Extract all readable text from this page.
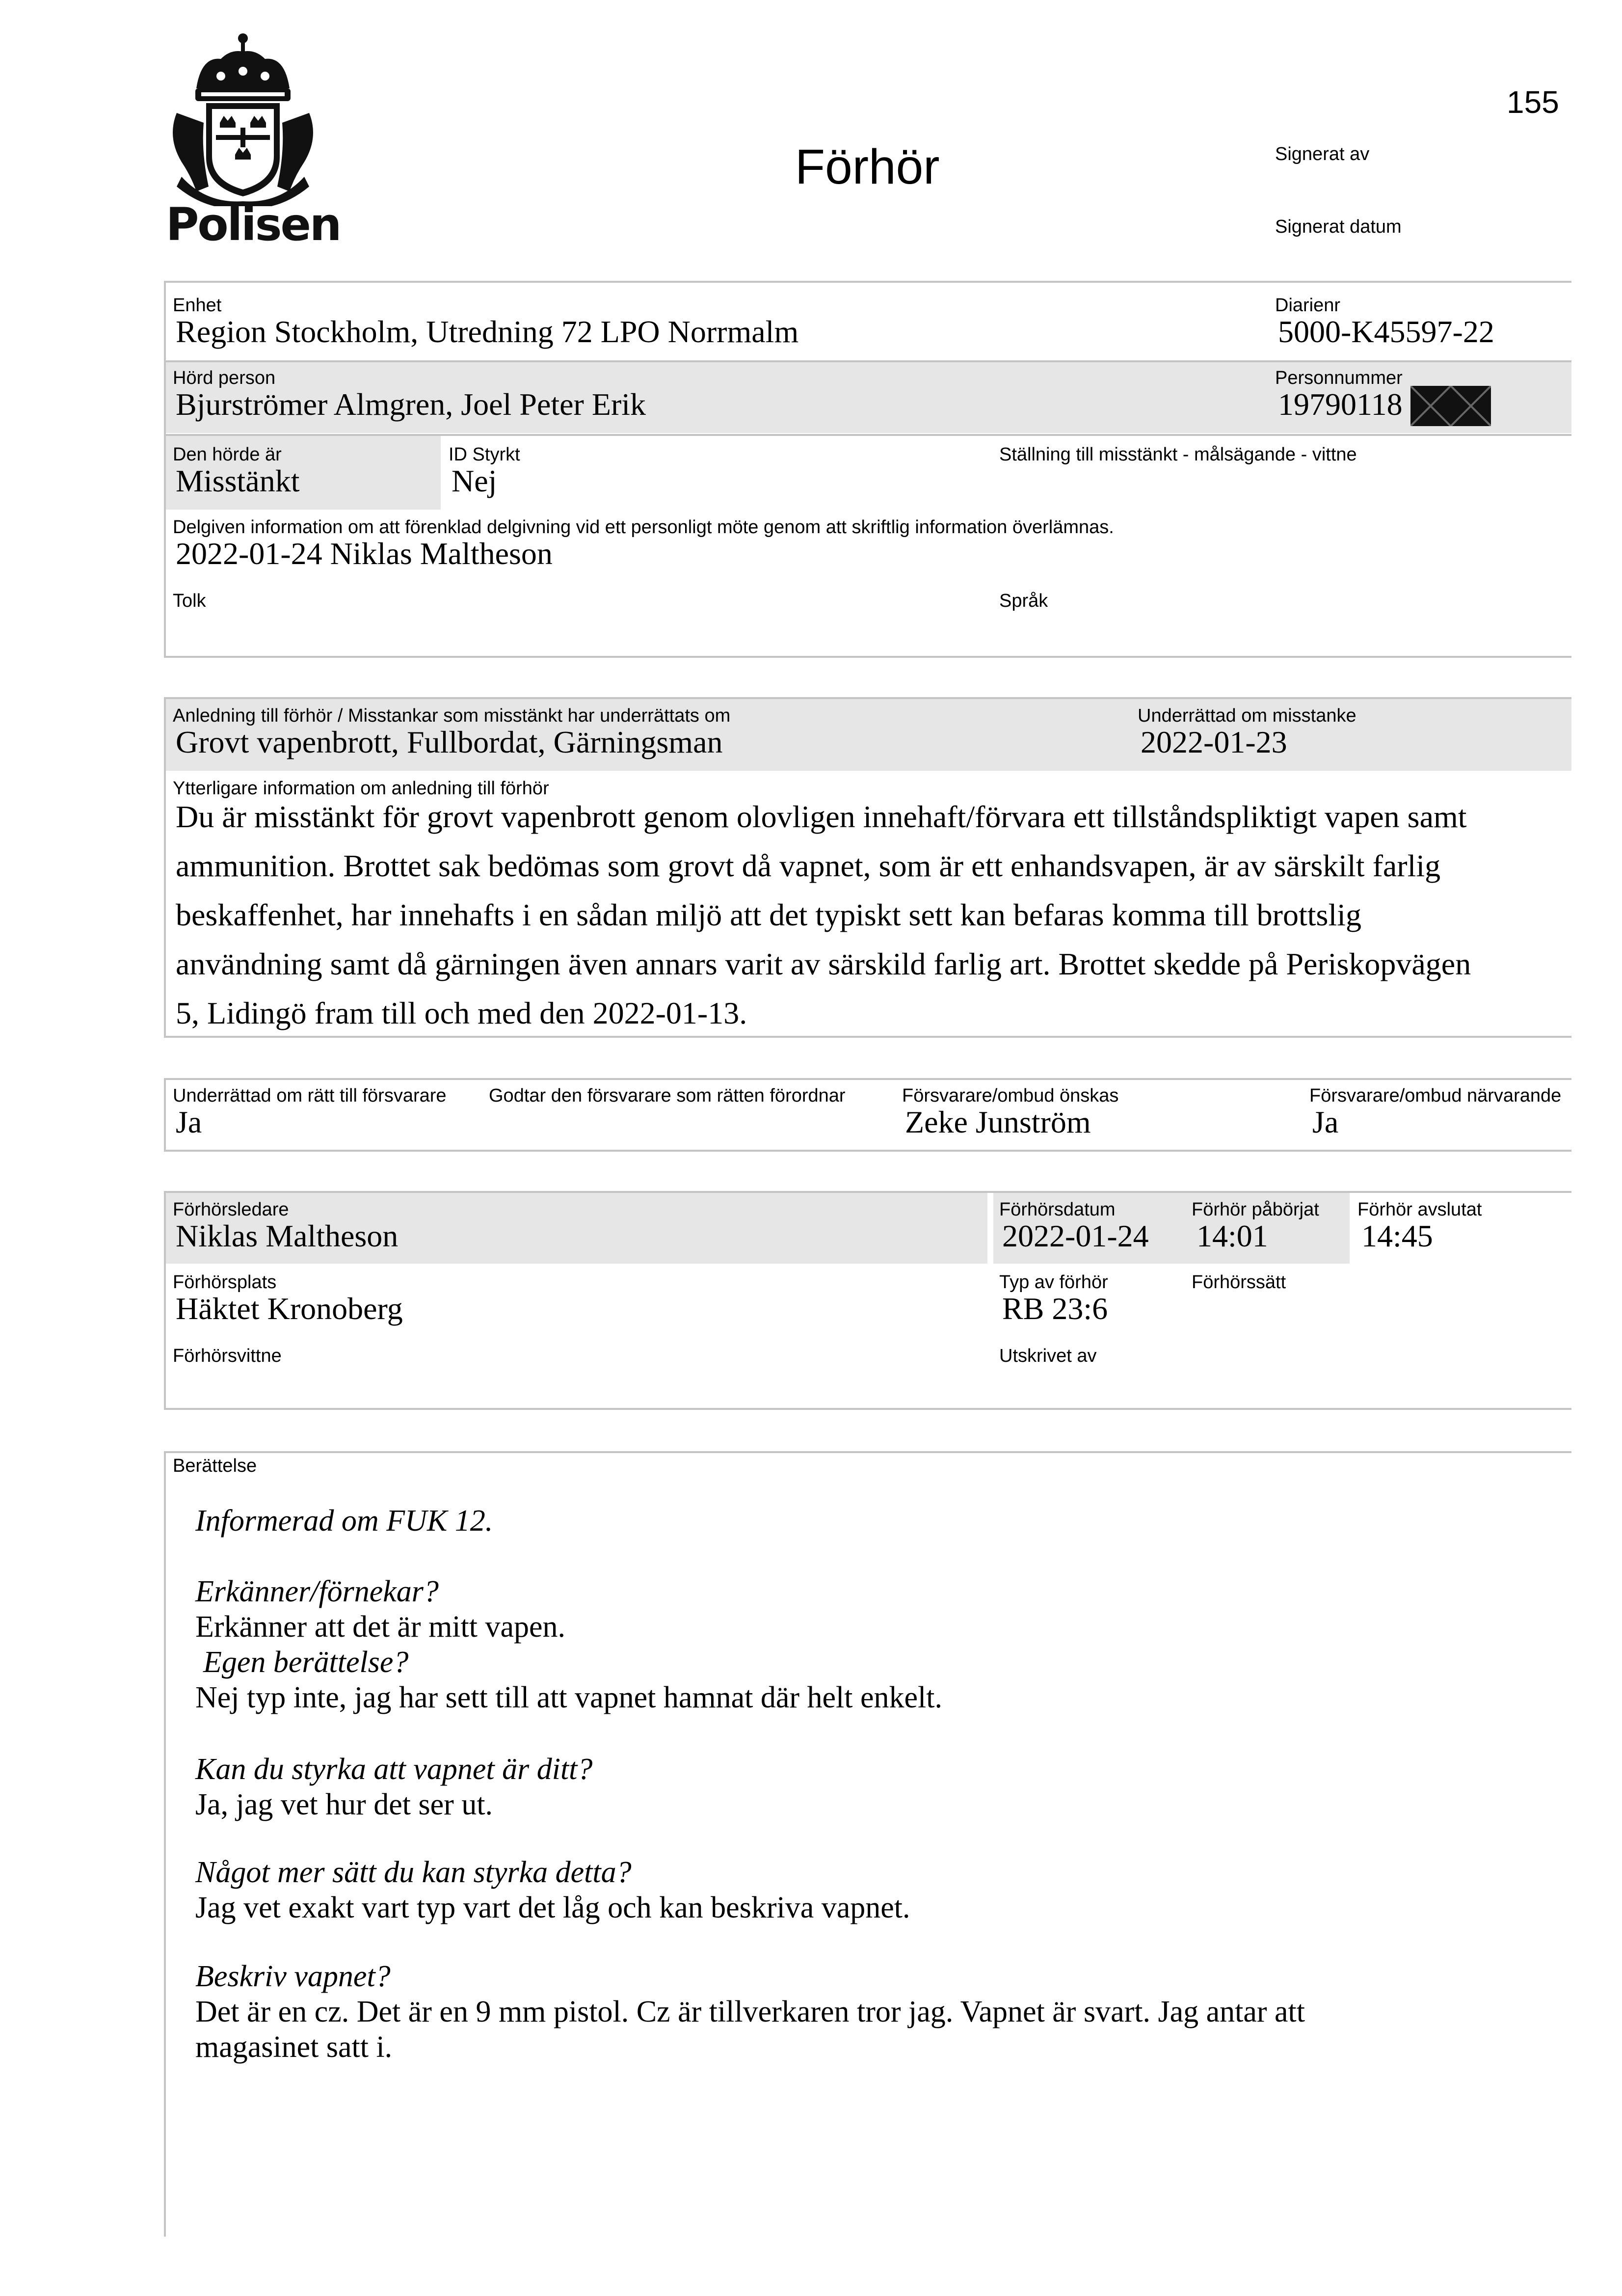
Polisen
Förhör
155
Signerat av
Signerat datum
Enhet
Region Stockholm, Utredning 72 LPO Norrmalm
Diarienr
5000-K45597-22
Hörd person
Bjurströmer Almgren, Joel Peter Erik
Personnummer
19790118
Den hörde är
Misstänkt
ID Styrkt
Nej
Ställning till misstänkt - målsägande - vittne
Delgiven information om att förenklad delgivning vid ett personligt möte genom att skriftlig information överlämnas.
2022-01-24 Niklas Maltheson
Tolk	Språk
Anledning till förhör / Misstankar som misstänkt har underrättats om
Grovt vapenbrott, Fullbordat, Gärningsman
Underrättad om misstanke
2022-01-23
Ytterligare information om anledning till förhör
Du är misstänkt för grovt vapenbrott genom olovligen innehaft/förvara ett tillståndspliktigt vapen samt
ammunition. Brottet sak bedömas som grovt då vapnet, som är ett enhandsvapen, är av särskilt farlig
beskaffenhet, har innehafts i en sådan miljö att det typiskt sett kan befaras komma till brottslig
användning samt då gärningen även annars varit av särskild farlig art. Brottet skedde på Periskopvägen
5, Lidingö fram till och med den 2022-01-13.
Underrättad om rätt till försvarare
Ja
Godtar den försvarare som rätten förordnar	Försvarare/ombud önskas
Zeke Junström
Försvarare/ombud närvarande
Ja
Förhörsledare
Niklas Maltheson
Förhörsdatum
2022-01-24
Förhör påbörjat
14:01
Förhör avslutat
14:45
Förhörsplats
Häktet Kronoberg
Typ av förhör
RB 23:6
Förhörssätt
Förhörsvittne	Utskrivet av
Berättelse
Informerad om FUK 12.
Erkänner/förnekar?
Erkänner att det är mitt vapen.
Egen berättelse?
Nej typ inte, jag har sett till att vapnet hamnat där helt enkelt.
Kan du styrka att vapnet är ditt?
Ja, jag vet hur det ser ut.
Något mer sätt du kan styrka detta?
Jag vet exakt vart typ vart det låg och kan beskriva vapnet.
Beskriv vapnet?
Det är en cz. Det är en 9 mm pistol. Cz är tillverkaren tror jag. Vapnet är svart. Jag antar att
magasinet satt i.
